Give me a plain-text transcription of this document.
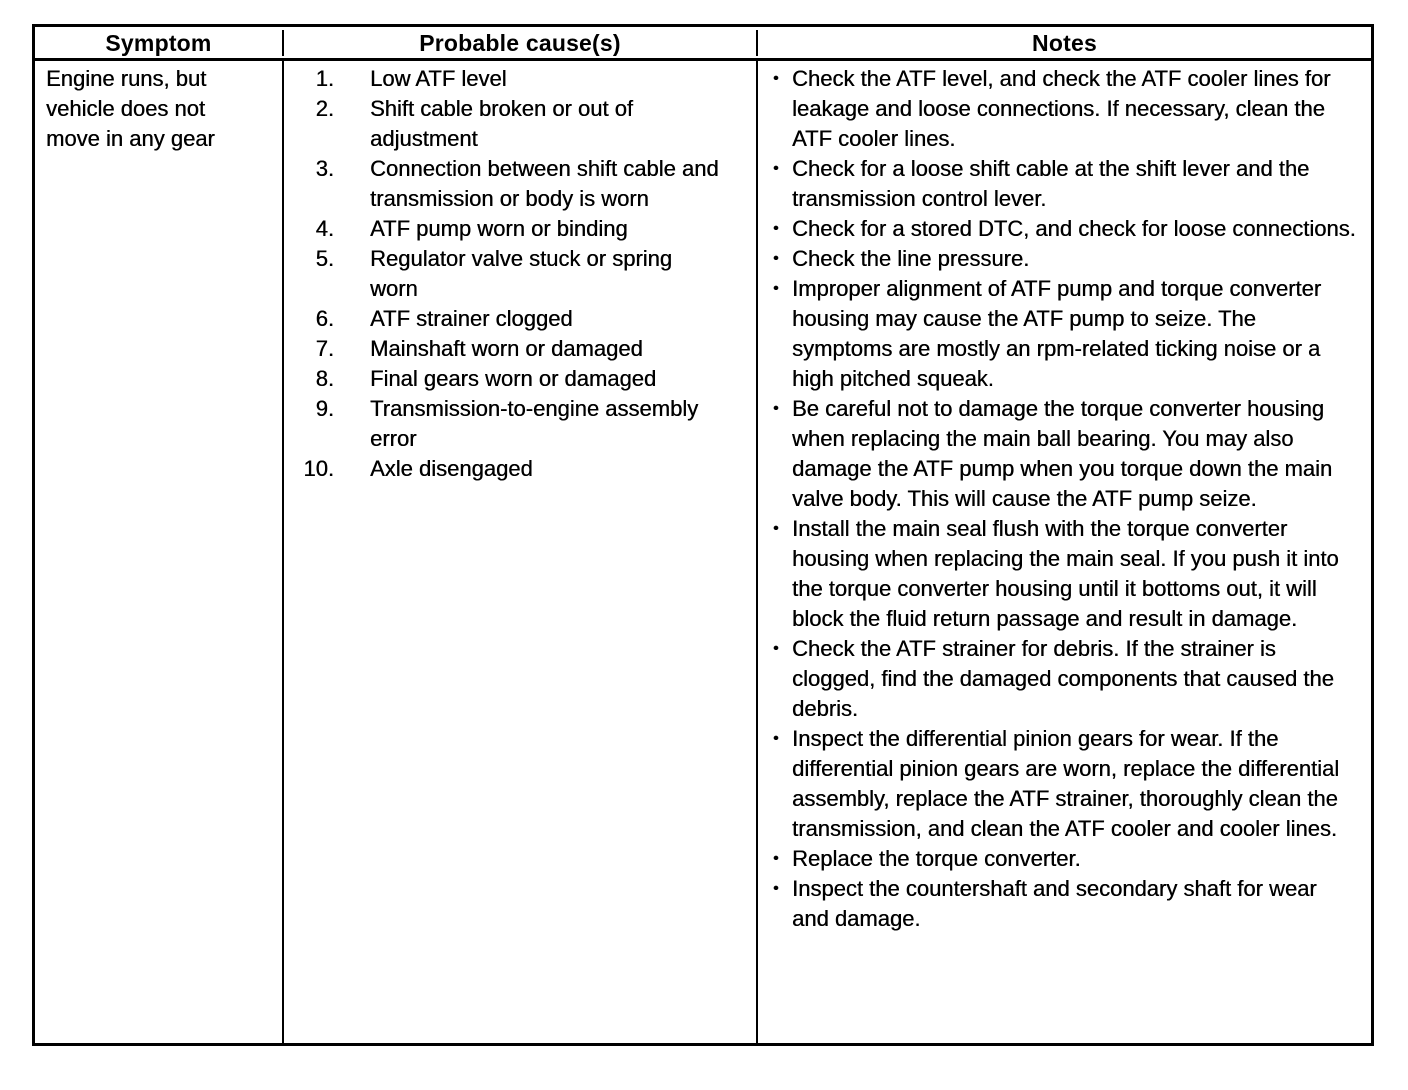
Symptom	Probable cause(s)	Notes
Engine runs, but vehicle does not move in any gear
1. Low ATF level
2. Shift cable broken or out of adjustment
3. Connection between shift cable and transmission or body is worn
4. ATF pump worn or binding
5. Regulator valve stuck or spring worn
6. ATF strainer clogged
7. Mainshaft worn or damaged
8. Final gears worn or damaged
9. Transmission-to-engine assembly error
10. Axle disengaged
• Check the ATF level, and check the ATF cooler lines for leakage and loose connections. If necessary, clean the ATF cooler lines.
• Check for a loose shift cable at the shift lever and the transmission control lever.
• Check for a stored DTC, and check for loose connections.
• Check the line pressure.
• Improper alignment of ATF pump and torque converter housing may cause the ATF pump to seize. The symptoms are mostly an rpm-related ticking noise or a high pitched squeak.
• Be careful not to damage the torque converter housing when replacing the main ball bearing. You may also damage the ATF pump when you torque down the main valve body. This will cause the ATF pump seize.
• Install the main seal flush with the torque converter housing when replacing the main seal. If you push it into the torque converter housing until it bottoms out, it will block the fluid return passage and result in damage.
• Check the ATF strainer for debris. If the strainer is clogged, find the damaged components that caused the debris.
• Inspect the differential pinion gears for wear. If the differential pinion gears are worn, replace the differential assembly, replace the ATF strainer, thoroughly clean the transmission, and clean the ATF cooler and cooler lines.
• Replace the torque converter.
• Inspect the countershaft and secondary shaft for wear and damage.
